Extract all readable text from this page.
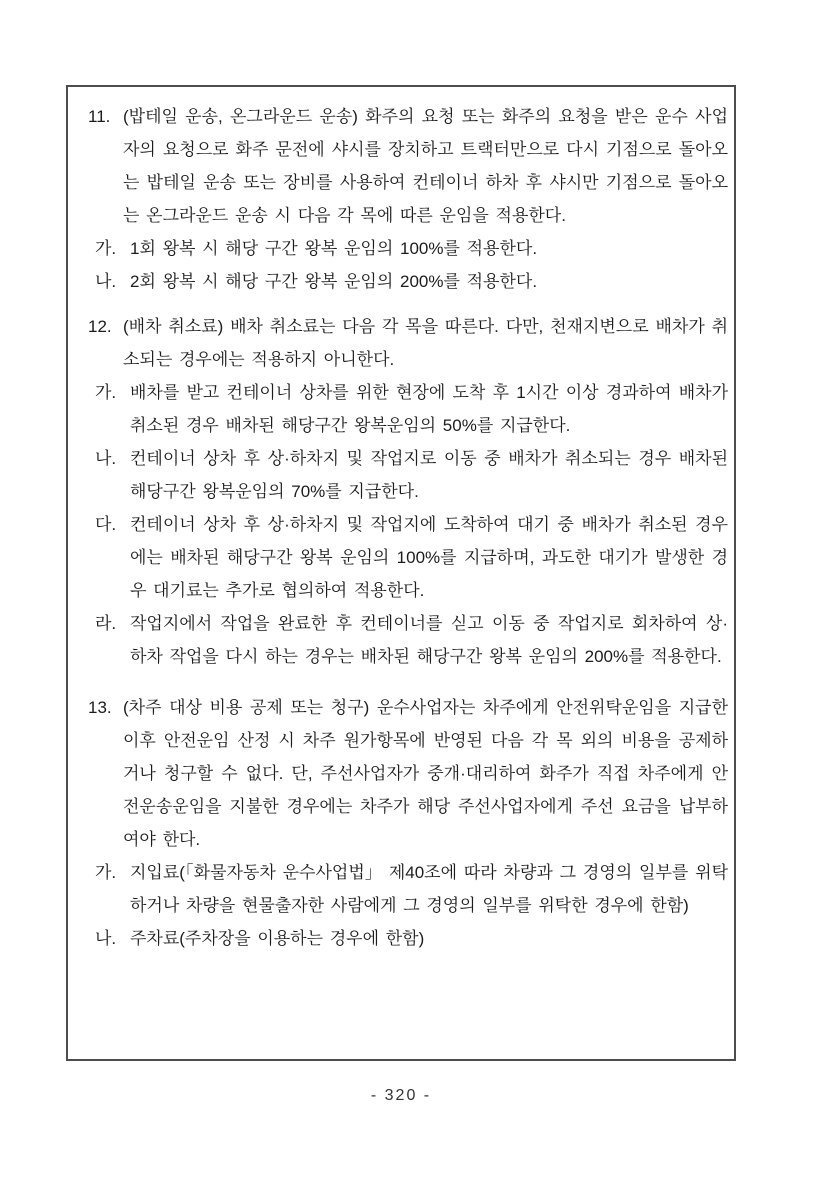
11. (밥테일 운송, 온그라운드 운송) 화주의 요청 또는 화주의 요청을 받은 운수 사업자의 요청으로 화주 문전에 샤시를 장치하고 트랙터만으로 다시 기점으로 돌아오는 밥테일 운송 또는 장비를 사용하여 컨테이너 하차 후 샤시만 기점으로 돌아오는 온그라운드 운송 시 다음 각 목에 따른 운임을 적용한다.
가. 1회 왕복 시 해당 구간 왕복 운임의 100%를 적용한다.
나. 2회 왕복 시 해당 구간 왕복 운임의 200%를 적용한다.
12. (배차 취소료) 배차 취소료는 다음 각 목을 따른다. 다만, 천재지변으로 배차가 취소되는 경우에는 적용하지 아니한다.
가. 배차를 받고 컨테이너 상차를 위한 현장에 도착 후 1시간 이상 경과하여 배차가 취소된 경우 배차된 해당구간 왕복운임의 50%를 지급한다.
나. 컨테이너 상차 후 상·하차지 및 작업지로 이동 중 배차가 취소되는 경우 배차된 해당구간 왕복운임의 70%를 지급한다.
다. 컨테이너 상차 후 상·하차지 및 작업지에 도착하여 대기 중 배차가 취소된 경우에는 배차된 해당구간 왕복 운임의 100%를 지급하며, 과도한 대기가 발생한 경우 대기료는 추가로 협의하여 적용한다.
라. 작업지에서 작업을 완료한 후 컨테이너를 싣고 이동 중 작업지로 회차하여 상·하차 작업을 다시 하는 경우는 배차된 해당구간 왕복 운임의 200%를 적용한다.
13. (차주 대상 비용 공제 또는 청구) 운수사업자는 차주에게 안전위탁운임을 지급한 이후 안전운임 산정 시 차주 원가항목에 반영된 다음 각 목 외의 비용을 공제하거나 청구할 수 없다. 단, 주선사업자가 중개·대리하여 화주가 직접 차주에게 안전운송운임을 지불한 경우에는 차주가 해당 주선사업자에게 주선 요금을 납부하여야 한다.
가. 지입료(「화물자동차 운수사업법」 제40조에 따라 차량과 그 경영의 일부를 위탁하거나 차량을 현물출자한 사람에게 그 경영의 일부를 위탁한 경우에 한함)
나. 주차료(주차장을 이용하는 경우에 한함)
- 320 -
